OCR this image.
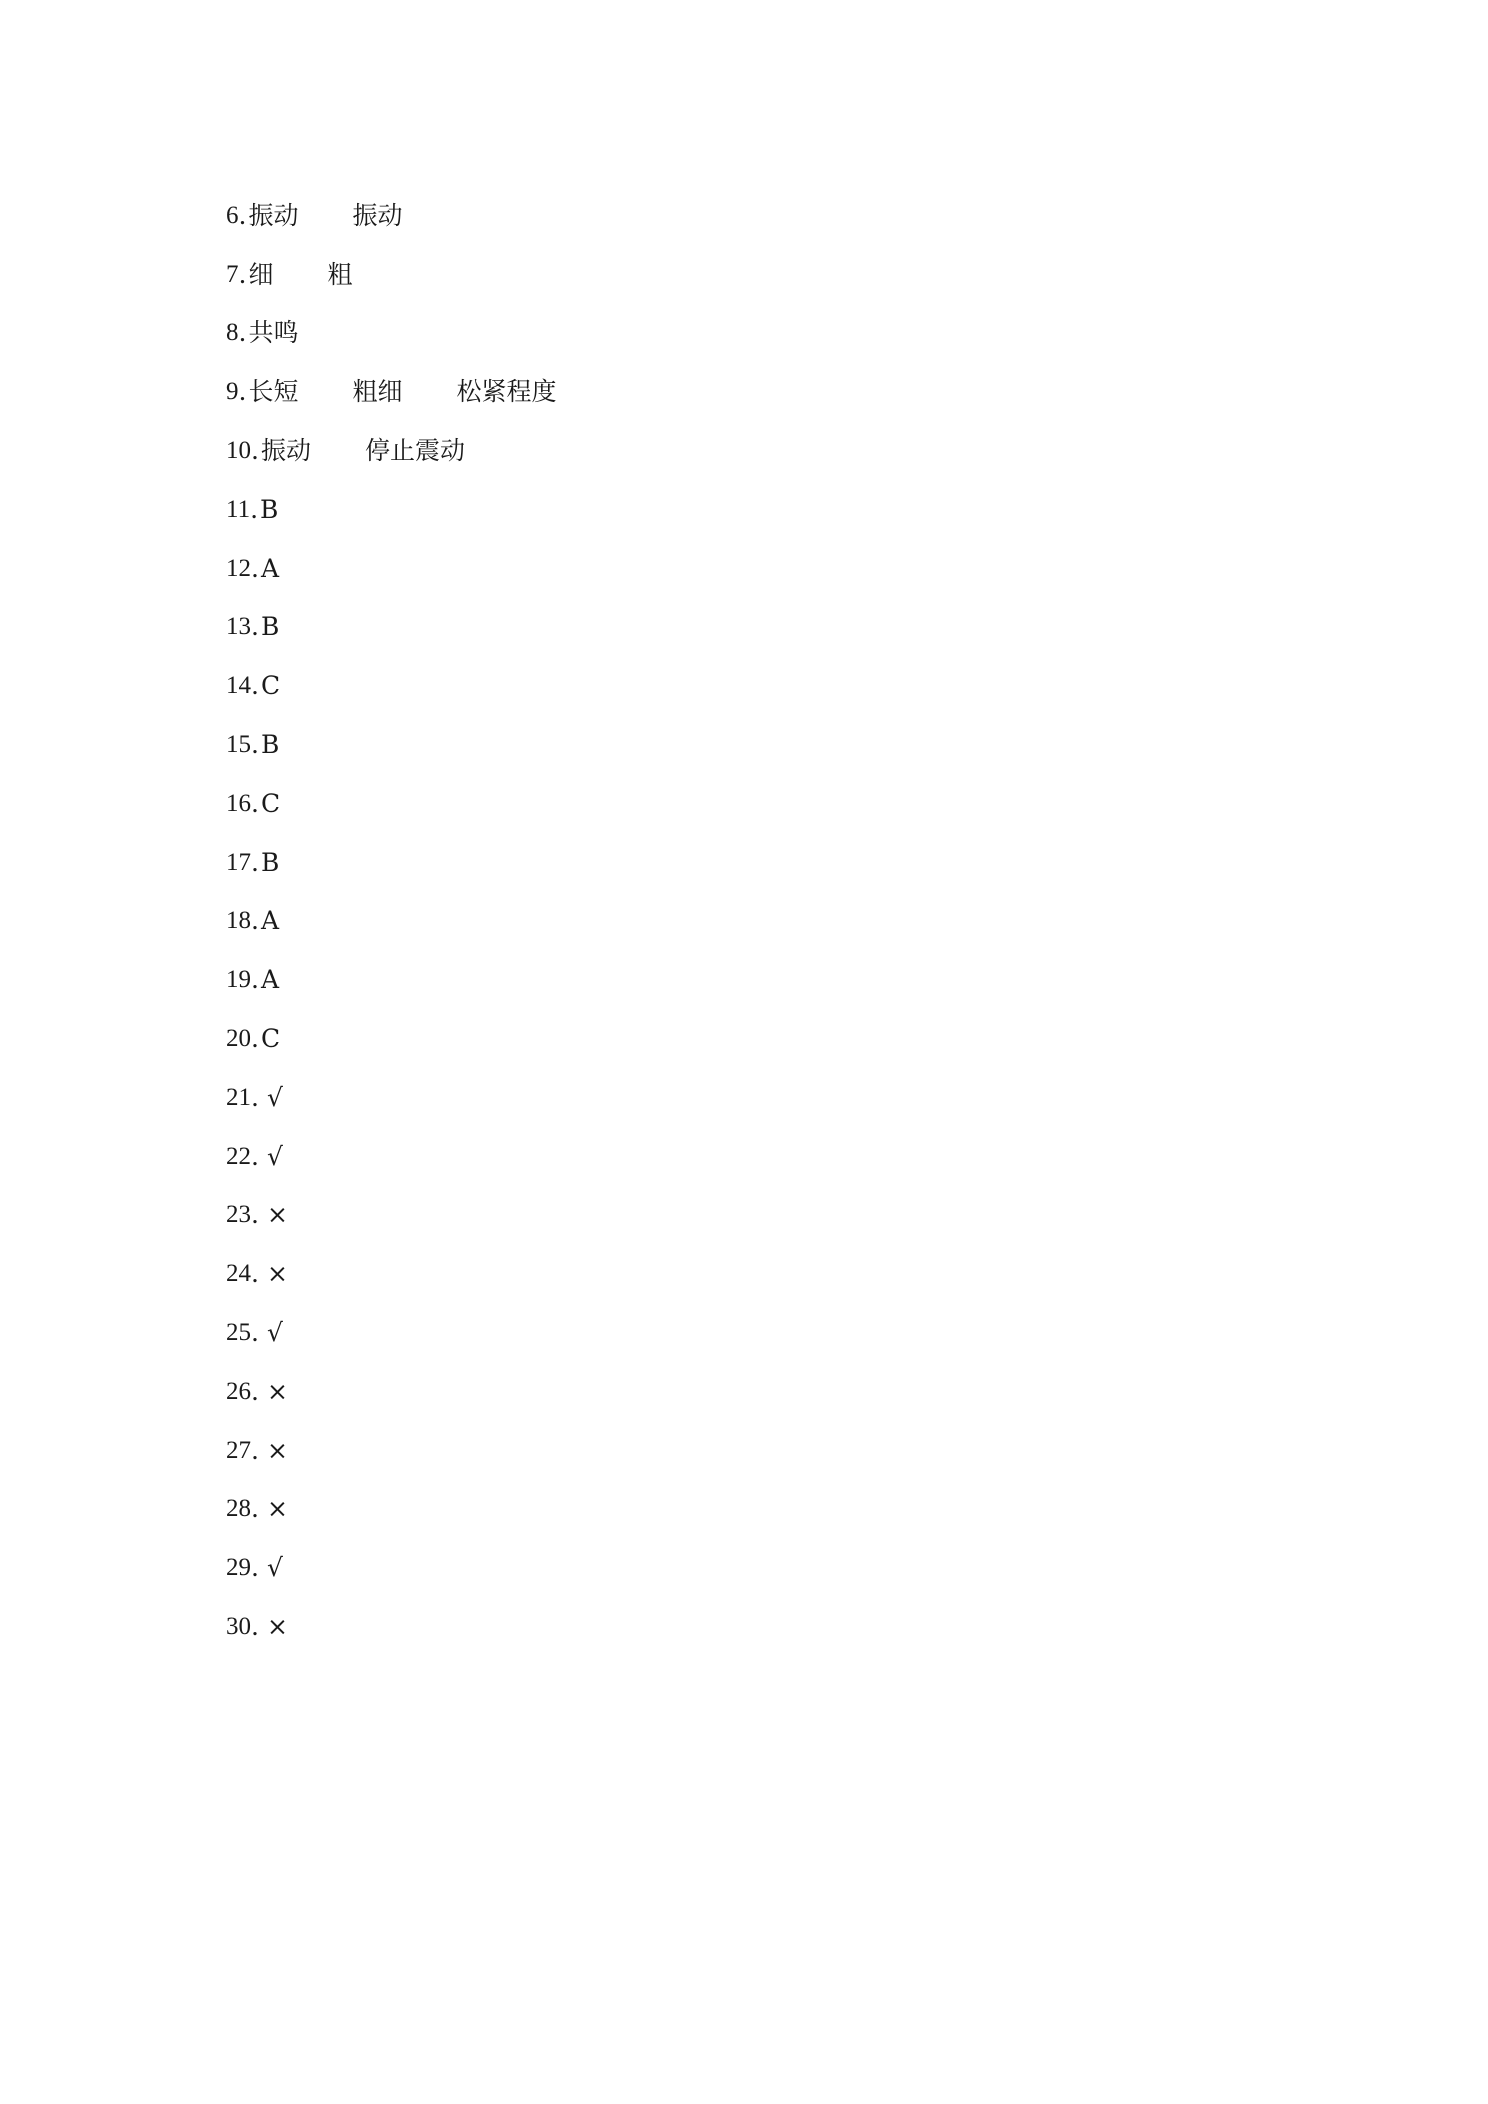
6 . 振动 振动
7 . 细 粗
8 . 共鸣
9 . 长短 粗细 松紧程度
10 . 振动 停止震动
11 . B
12 . A
13 . B
14 . C
15 . B
16 . C
17 . B
18 . A
19 . A
20 . C
21 . √
22 . √
23 . ×
24 . ×
25 . √
26 . ×
27 . ×
28 . ×
29 . √
30 . ×
